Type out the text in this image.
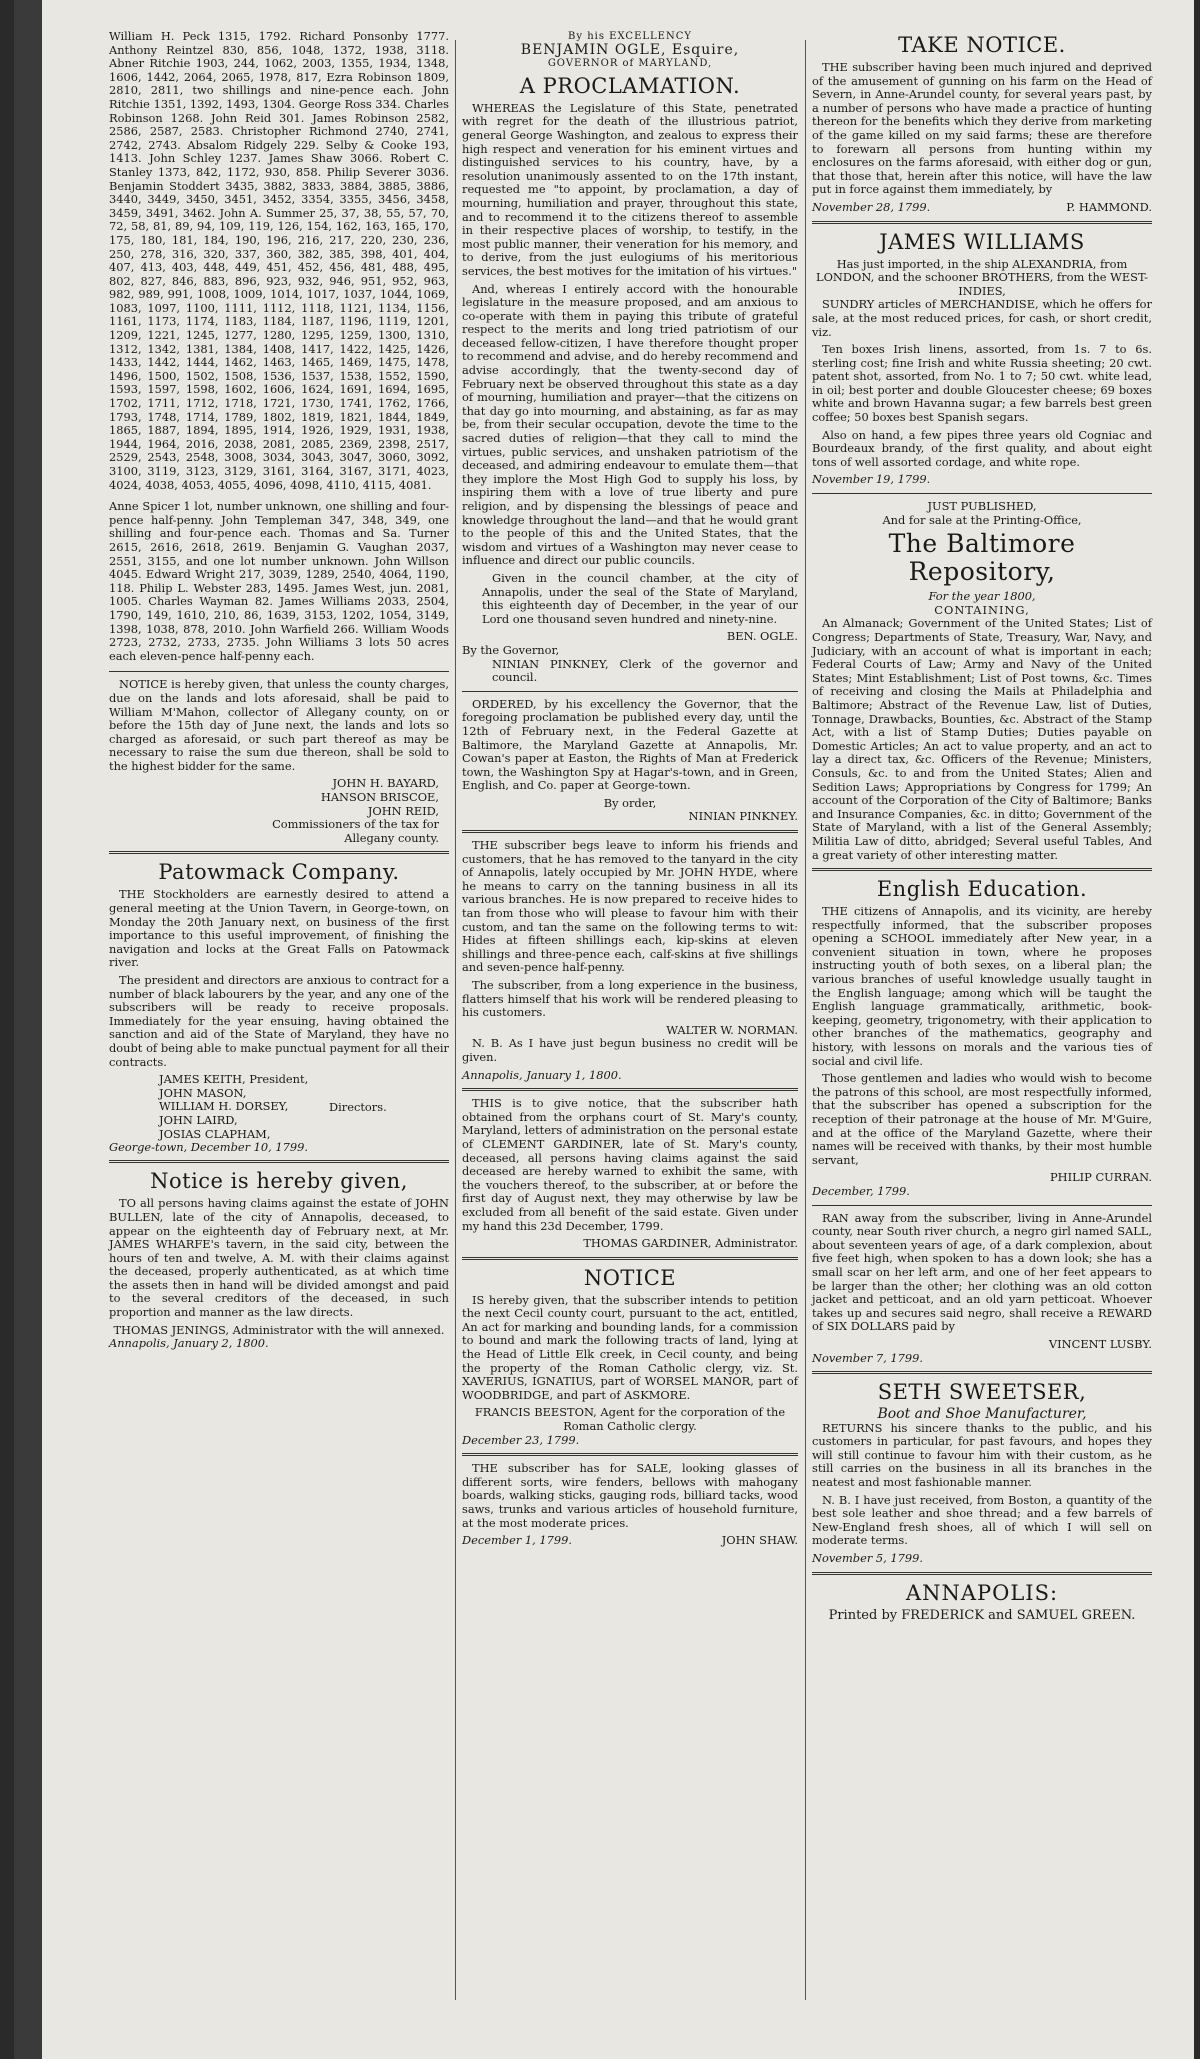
William H. Peck 1315, 1792. Richard Ponsonby 1777. Anthony Reintzel 830, 856, 1048, 1372, 1938, 3118. Abner Ritchie 1903, 244, 1062, 2003, 1355, 1934, 1348, 1606, 1442, 2064, 2065, 1978, 817, Ezra Robinson 1809, 2810, 2811, two shillings and nine-pence each. John Ritchie 1351, 1392, 1493, 1304. George Ross 334. Charles Robinson 1268. John Reid 301. James Robinson 2582, 2586, 2587, 2583. Christopher Richmond 2740, 2741, 2742, 2743. Absalom Ridgely 229. Selby & Cooke 193, 1413. John Schley 1237. James Shaw 3066. Robert C. Stanley 1373, 842, 1172, 930, 858. Philip Severer 3036. Benjamin Stoddert 3435, 3882, 3833, 3884, 3885, 3886, 3440, 3449, 3450, 3451, 3452, 3354, 3355, 3456, 3458, 3459, 3491, 3462. John A. Summer 25, 37, 38, 55, 57, 70, 72, 58, 81, 89, 94, 109, 119, 126, 154, 162, 163, 165, 170, 175, 180, 181, 184, 190, 196, 216, 217, 220, 230, 236, 250, 278, 316, 320, 337, 360, 382, 385, 398, 401, 404, 407, 413, 403, 448, 449, 451, 452, 456, 481, 488, 495, 802, 827, 846, 883, 896, 923, 932, 946, 951, 952, 963, 982, 989, 991, 1008, 1009, 1014, 1017, 1037, 1044, 1069, 1083, 1097, 1100, 1111, 1112, 1118, 1121, 1134, 1156, 1161, 1173, 1174, 1183, 1184, 1187, 1196, 1119, 1201, 1209, 1221, 1245, 1277, 1280, 1295, 1259, 1300, 1310, 1312, 1342, 1381, 1384, 1408, 1417, 1422, 1425, 1426, 1433, 1442, 1444, 1462, 1463, 1465, 1469, 1475, 1478, 1496, 1500, 1502, 1508, 1536, 1537, 1538, 1552, 1590, 1593, 1597, 1598, 1602, 1606, 1624, 1691, 1694, 1695, 1702, 1711, 1712, 1718, 1721, 1730, 1741, 1762, 1766, 1793, 1748, 1714, 1789, 1802, 1819, 1821, 1844, 1849, 1865, 1887, 1894, 1895, 1914, 1926, 1929, 1931, 1938, 1944, 1964, 2016, 2038, 2081, 2085, 2369, 2398, 2517, 2529, 2543, 2548, 3008, 3034, 3043, 3047, 3060, 3092, 3100, 3119, 3123, 3129, 3161, 3164, 3167, 3171, 4023, 4024, 4038, 4053, 4055, 4096, 4098, 4110, 4115, 4081.
Anne Spicer 1 lot, number unknown, one shilling and four-pence half-penny. John Templeman 347, 348, 349, one shilling and four-pence each. Thomas and Sa. Turner 2615, 2616, 2618, 2619. Benjamin G. Vaughan 2037, 2551, 3155, and one lot number unknown. John Willson 4045. Edward Wright 217, 3039, 1289, 2540, 4064, 1190, 118. Philip L. Webster 283, 1495. James West, jun. 2081, 1005. Charles Wayman 82. James Williams 2033, 2504, 1790, 149, 1610, 210, 86, 1639, 3153, 1202, 1054, 3149, 1398, 1038, 878, 2010. John Warfield 266. William Woods 2723, 2732, 2733, 2735. John Williams 3 lots 50 acres each eleven-pence half-penny each.

NOTICE is hereby given, that unless the county charges, due on the lands and lots aforesaid, shall be paid to William M'Mahon, collector of Allegany county, on or before the 15th day of June next, the lands and lots so charged as aforesaid, or such part thereof as may be necessary to raise the sum due thereon, shall be sold to the highest bidder for the same.

JOHN H. BAYARD,
HANSON BRISCOE,
JOHN REID,
Commissioners of the tax for
Allegany county.
Patowmack Company.

THE Stockholders are earnestly desired to attend a general meeting at the Union Tavern, in George-town, on Monday the 20th January next, on business of the first importance to this useful improvement, of finishing the navigation and locks at the Great Falls on Patowmack river.

The president and directors are anxious to contract for a number of black labourers by the year, and any one of the subscribers will be ready to receive proposals. Immediately for the year ensuing, having obtained the sanction and aid of the State of Maryland, they have no doubt of being able to make punctual payment for all their contracts.

JAMES KEITH, President,
JOHN MASON,
WILLIAM H. DORSEY,
JOHN LAIRD,
JOSIAS CLAPHAM,
Directors.
George-town, December 10, 1799.
Notice is hereby given,

TO all persons having claims against the estate of JOHN BULLEN, late of the city of Annapolis, deceased, to appear on the eighteenth day of February next, at Mr. JAMES WHARFE's tavern, in the said city, between the hours of ten and twelve, A. M. with their claims against the deceased, properly authenticated, as at which time the assets then in hand will be divided amongst and paid to the several creditors of the deceased, in such proportion and manner as the law directs.

THOMAS JENINGS, Administrator with the will annexed.
Annapolis, January 2, 1800.
By his EXCELLENCY
BENJAMIN OGLE, Esquire,
GOVERNOR of MARYLAND,
A PROCLAMATION.

WHEREAS the Legislature of this State, penetrated with regret for the death of the illustrious patriot, general George Washington, and zealous to express their high respect and veneration for his eminent virtues and distinguished services to his country, have, by a resolution unanimously assented to on the 17th instant, requested me "to appoint, by proclamation, a day of mourning, humiliation and prayer, throughout this state, and to recommend it to the citizens thereof to assemble in their respective places of worship, to testify, in the most public manner, their veneration for his memory, and to derive, from the just eulogiums of his meritorious services, the best motives for the imitation of his virtues."

And, whereas I entirely accord with the honourable legislature in the measure proposed, and am anxious to co-operate with them in paying this tribute of grateful respect to the merits and long tried patriotism of our deceased fellow-citizen, I have therefore thought proper to recommend and advise, and do hereby recommend and advise accordingly, that the twenty-second day of February next be observed throughout this state as a day of mourning, humiliation and prayer—that the citizens on that day go into mourning, and abstaining, as far as may be, from their secular occupation, devote the time to the sacred duties of religion—that they call to mind the virtues, public services, and unshaken patriotism of the deceased, and admiring endeavour to emulate them—that they implore the Most High God to supply his loss, by inspiring them with a love of true liberty and pure religion, and by dispensing the blessings of peace and knowledge throughout the land—and that he would grant to the people of this and the United States, that the wisdom and virtues of a Washington may never cease to influence and direct our public councils.

Given in the council chamber, at the city of Annapolis, under the seal of the State of Maryland, this eighteenth day of December, in the year of our Lord one thousand seven hundred and ninety-nine.

BEN. OGLE.
By the Governor,
NINIAN PINKNEY, Clerk of the governor and council.

ORDERED, by his excellency the Governor, that the foregoing proclamation be published every day, until the 12th of February next, in the Federal Gazette at Baltimore, the Maryland Gazette at Annapolis, Mr. Cowan's paper at Easton, the Rights of Man at Frederick town, the Washington Spy at Hagar's-town, and in Green, English, and Co. paper at George-town.

By order,
NINIAN PINKNEY.

THE subscriber begs leave to inform his friends and customers, that he has removed to the tanyard in the city of Annapolis, lately occupied by Mr. JOHN HYDE, where he means to carry on the tanning business in all its various branches. He is now prepared to receive hides to tan from those who will please to favour him with their custom, and tan the same on the following terms to wit: Hides at fifteen shillings each, kip-skins at eleven shillings and three-pence each, calf-skins at five shillings and seven-pence half-penny.

The subscriber, from a long experience in the business, flatters himself that his work will be rendered pleasing to his customers.

WALTER W. NORMAN.

N. B. As I have just begun business no credit will be given.

Annapolis, January 1, 1800.

THIS is to give notice, that the subscriber hath obtained from the orphans court of St. Mary's county, Maryland, letters of administration on the personal estate of CLEMENT GARDINER, late of St. Mary's county, deceased, all persons having claims against the said deceased are hereby warned to exhibit the same, with the vouchers thereof, to the subscriber, at or before the first day of August next, they may otherwise by law be excluded from all benefit of the said estate. Given under my hand this 23d December, 1799.

THOMAS GARDINER, Administrator.
NOTICE

IS hereby given, that the subscriber intends to petition the next Cecil county court, pursuant to the act, entitled, An act for marking and bounding lands, for a commission to bound and mark the following tracts of land, lying at the Head of Little Elk creek, in Cecil county, and being the property of the Roman Catholic clergy, viz. St. XAVERIUS, IGNATIUS, part of WORSEL MANOR, part of WOODBRIDGE, and part of ASKMORE.

FRANCIS BEESTON, Agent for the corporation of the Roman Catholic clergy.
December 23, 1799.

THE subscriber has for SALE, looking glasses of different sorts, wire fenders, bellows with mahogany boards, walking sticks, gauging rods, billiard tacks, wood saws, trunks and various articles of household furniture, at the most moderate prices.

December 1, 1799.	JOHN SHAW.
TAKE NOTICE.

THE subscriber having been much injured and deprived of the amusement of gunning on his farm on the Head of Severn, in Anne-Arundel county, for several years past, by a number of persons who have made a practice of hunting thereon for the benefits which they derive from marketing of the game killed on my said farms; these are therefore to forewarn all persons from hunting within my enclosures on the farms aforesaid, with either dog or gun, that those that, herein after this notice, will have the law put in force against them immediately, by

November 28, 1799.	P. HAMMOND.
JAMES WILLIAMS
Has just imported, in the ship ALEXANDRIA, from LONDON, and the schooner BROTHERS, from the WEST-INDIES,

SUNDRY articles of MERCHANDISE, which he offers for sale, at the most reduced prices, for cash, or short credit, viz.

Ten boxes Irish linens, assorted, from 1s. 7 to 6s. sterling cost; fine Irish and white Russia sheeting; 20 cwt. patent shot, assorted, from No. 1 to 7; 50 cwt. white lead, in oil; best porter and double Gloucester cheese; 69 boxes white and brown Havanna sugar; a few barrels best green coffee; 50 boxes best Spanish segars.

Also on hand, a few pipes three years old Cogniac and Bourdeaux brandy, of the first quality, and about eight tons of well assorted cordage, and white rope.

November 19, 1799.
JUST PUBLISHED,
And for sale at the Printing-Office,
The Baltimore Repository,
For the year 1800,
CONTAINING,

An Almanack; Government of the United States; List of Congress; Departments of State, Treasury, War, Navy, and Judiciary, with an account of what is important in each; Federal Courts of Law; Army and Navy of the United States; Mint Establishment; List of Post towns, &c. Times of receiving and closing the Mails at Philadelphia and Baltimore; Abstract of the Revenue Law, list of Duties, Tonnage, Drawbacks, Bounties, &c. Abstract of the Stamp Act, with a list of Stamp Duties; Duties payable on Domestic Articles; An act to value property, and an act to lay a direct tax, &c. Officers of the Revenue; Ministers, Consuls, &c. to and from the United States; Alien and Sedition Laws; Appropriations by Congress for 1799; An account of the Corporation of the City of Baltimore; Banks and Insurance Companies, &c. in ditto; Government of the State of Maryland, with a list of the General Assembly; Militia Law of ditto, abridged; Several useful Tables, And a great variety of other interesting matter.

English Education.

THE citizens of Annapolis, and its vicinity, are hereby respectfully informed, that the subscriber proposes opening a SCHOOL immediately after New year, in a convenient situation in town, where he proposes instructing youth of both sexes, on a liberal plan; the various branches of useful knowledge usually taught in the English language; among which will be taught the English language grammatically, arithmetic, book-keeping, geometry, trigonometry, with their application to other branches of the mathematics, geography and history, with lessons on morals and the various ties of social and civil life.

Those gentlemen and ladies who would wish to become the patrons of this school, are most respectfully informed, that the subscriber has opened a subscription for the reception of their patronage at the house of Mr. M'Guire, and at the office of the Maryland Gazette, where their names will be received with thanks, by their most humble servant,

PHILIP CURRAN.
December, 1799.

RAN away from the subscriber, living in Anne-Arundel county, near South river church, a negro girl named SALL, about seventeen years of age, of a dark complexion, about five feet high, when spoken to has a down look; she has a small scar on her left arm, and one of her feet appears to be larger than the other; her clothing was an old cotton jacket and petticoat, and an old yarn petticoat. Whoever takes up and secures said negro, shall receive a REWARD of SIX DOLLARS paid by

VINCENT LUSBY.
November 7, 1799.
SETH SWEETSER,
Boot and Shoe Manufacturer,

RETURNS his sincere thanks to the public, and his customers in particular, for past favours, and hopes they will still continue to favour him with their custom, as he still carries on the business in all its branches in the neatest and most fashionable manner.

N. B. I have just received, from Boston, a quantity of the best sole leather and shoe thread; and a few barrels of New-England fresh shoes, all of which I will sell on moderate terms.

November 5, 1799.
ANNAPOLIS:
Printed by FREDERICK and SAMUEL GREEN.
